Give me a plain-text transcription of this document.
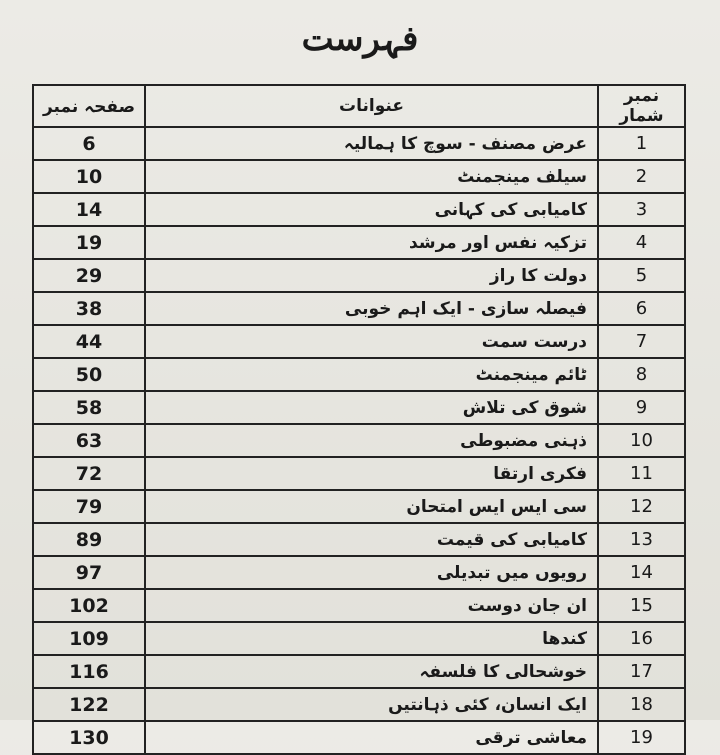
فہرست
نمبر شمار	عنوانات	صفحہ نمبر
1	عرض مصنف - سوچ کا ہمالیہ	6
2	سیلف مینجمنٹ	10
3	کامیابی کی کہانی	14
4	تزکیہ نفس اور مرشد	19
5	دولت کا راز	29
6	فیصلہ سازی - ایک اہم خوبی	38
7	درست سمت	44
8	ٹائم مینجمنٹ	50
9	شوق کی تلاش	58
10	ذہنی مضبوطی	63
11	فکری ارتقا	72
12	سی ایس ایس امتحان	79
13	کامیابی کی قیمت	89
14	رویوں میں تبدیلی	97
15	ان جان دوست	102
16	کندھا	109
17	خوشحالی کا فلسفہ	116
18	ایک انسان، کئی ذہانتیں	122
19	معاشی ترقی	130
